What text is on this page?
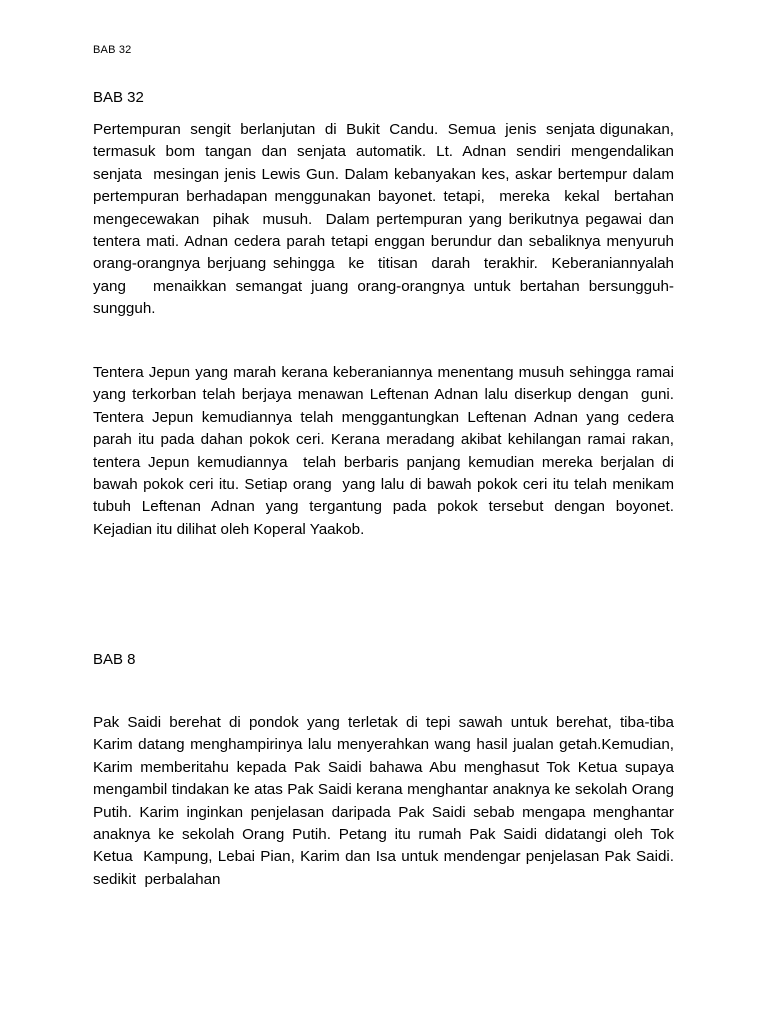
BAB 32
BAB 32

Pertempuran  sengit  berlanjutan  di  Bukit  Candu.  Semua  jenis  senjata digunakan,  termasuk bom tangan dan senjata automatik. Lt. Adnan sendiri mengendalikan senjata  mesingan jenis Lewis Gun. Dalam kebanyakan kes, askar bertempur dalam  pertempuran berhadapan menggunakan bayonet. tetapi,  mereka  kekal  bertahan   mengecewakan  pihak  musuh.  Dalam pertempuran yang berikutnya pegawai dan  tentera mati. Adnan cedera parah tetapi enggan berundur dan sebaliknya menyuruh  orang-orangnya berjuang sehingga  ke  titisan  darah  terakhir.  Keberaniannyalah  yang   menaikkan semangat juang orang-orangnya untuk bertahan bersungguh-sungguh.

Tentera Jepun yang marah kerana keberaniannya menentang musuh sehingga ramai yang terkorban telah berjaya menawan Leftenan Adnan lalu diserkup dengan  guni. Tentera Jepun kemudiannya telah menggantungkan Leftenan Adnan yang cedera  parah itu pada dahan pokok ceri. Kerana meradang akibat kehilangan ramai rakan, tentera Jepun kemudiannya  telah berbaris panjang kemudian mereka berjalan di bawah pokok ceri itu. Setiap orang  yang lalu di bawah pokok ceri itu telah menikam tubuh Leftenan Adnan yang tergantung pada pokok tersebut dengan boyonet. Kejadian itu dilihat oleh Koperal Yaakob.

BAB 8

Pak Saidi berehat di pondok yang terletak di tepi sawah untuk berehat, tiba-tiba  Karim datang menghampirinya lalu menyerahkan wang hasil jualan getah.Kemudian,   Karim memberitahu kepada Pak Saidi bahawa Abu menghasut Tok Ketua supaya  mengambil tindakan ke atas Pak Saidi kerana menghantar anaknya ke sekolah Orang  Putih. Karim inginkan penjelasan daripada Pak Saidi sebab mengapa menghantar  anaknya ke sekolah Orang Putih. Petang itu rumah Pak Saidi didatangi oleh Tok Ketua  Kampung, Lebai Pian, Karim dan Isa untuk mendengar penjelasan Pak Saidi. sedikit  perbalahan
